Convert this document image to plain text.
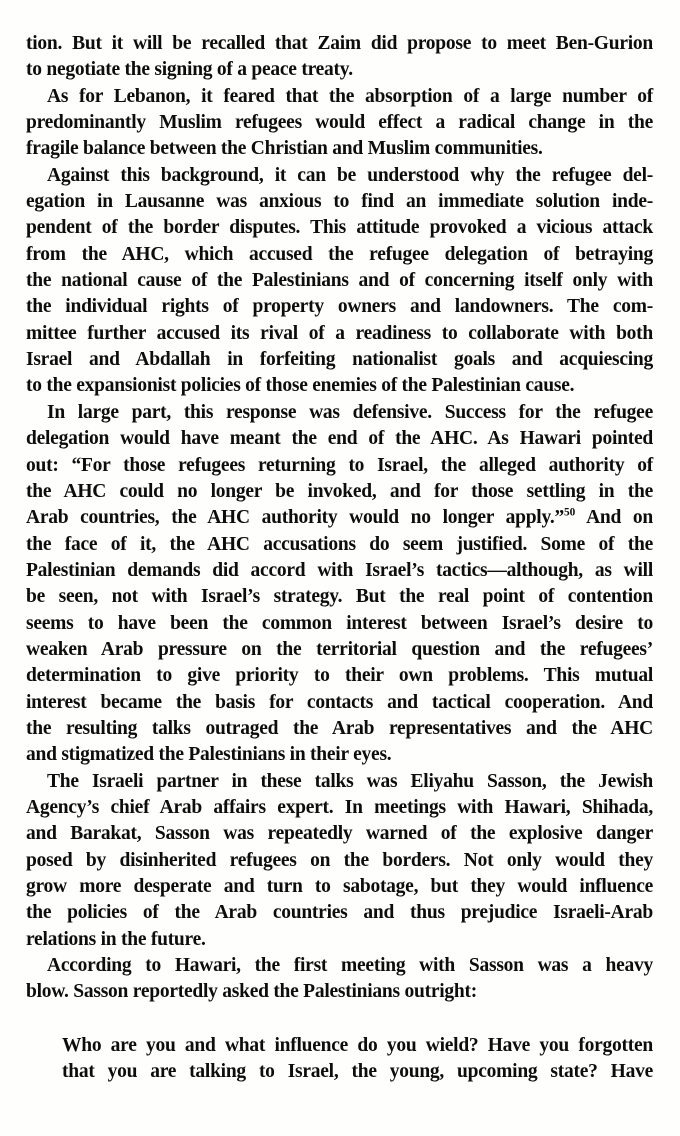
tion. But it will be recalled that Zaim did propose to meet Ben-Gurion
to negotiate the signing of a peace treaty.
As for Lebanon, it feared that the absorption of a large number of
predominantly Muslim refugees would effect a radical change in the
fragile balance between the Christian and Muslim communities.
Against this background, it can be understood why the refugee del-
egation in Lausanne was anxious to find an immediate solution inde-
pendent of the border disputes. This attitude provoked a vicious attack
from the AHC, which accused the refugee delegation of betraying
the national cause of the Palestinians and of concerning itself only with
the individual rights of property owners and landowners. The com-
mittee further accused its rival of a readiness to collaborate with both
Israel and Abdallah in forfeiting nationalist goals and acquiescing
to the expansionist policies of those enemies of the Palestinian cause.
In large part, this response was defensive. Success for the refugee
delegation would have meant the end of the AHC. As Hawari pointed
out: “For those refugees returning to Israel, the alleged authority of
the AHC could no longer be invoked, and for those settling in the
Arab countries, the AHC authority would no longer apply.”$^{50}$ And on
the face of it, the AHC accusations do seem justified. Some of the
Palestinian demands did accord with Israel’s tactics—although, as will
be seen, not with Israel’s strategy. But the real point of contention
seems to have been the common interest between Israel’s desire to
weaken Arab pressure on the territorial question and the refugees’
determination to give priority to their own problems. This mutual
interest became the basis for contacts and tactical cooperation. And
the resulting talks outraged the Arab representatives and the AHC
and stigmatized the Palestinians in their eyes.
The Israeli partner in these talks was Eliyahu Sasson, the Jewish
Agency’s chief Arab affairs expert. In meetings with Hawari, Shihada,
and Barakat, Sasson was repeatedly warned of the explosive danger
posed by disinherited refugees on the borders. Not only would they
grow more desperate and turn to sabotage, but they would influence
the policies of the Arab countries and thus prejudice Israeli-Arab
relations in the future.
According to Hawari, the first meeting with Sasson was a heavy
blow. Sasson reportedly asked the Palestinians outright:
Who are you and what influence do you wield? Have you forgotten
that you are talking to Israel, the young, upcoming state? Have
